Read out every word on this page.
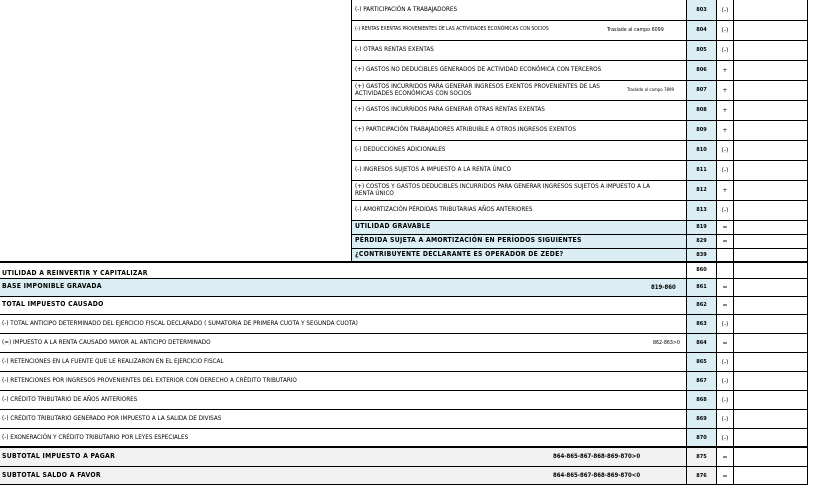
(-) PARTICIPACIÓN A TRABAJADORES	803	(-)
(-) RENTAS EXENTAS PROVENIENTES DE LAS ACTIVIDADES ECONÓMICAS CON SOCIOS	Traslade al campo 6099	804	(-)
(-) OTRAS RENTAS EXENTAS	805	(-)
(+) GASTOS NO DEDUCIBLES GENERADOS DE ACTIVIDAD ECONÓMICA CON TERCEROS	806	+
(+) GASTOS INCURRIDOS PARA GENERAR INGRESOS EXENTOS PROVENIENTES DE LAS ACTIVIDADES ECONÓMICAS CON SOCIOS	Traslade al campo 7899	807	+
(+) GASTOS INCURRIDOS PARA GENERAR OTRAS RENTAS EXENTAS	808	+
(+) PARTICIPACIÓN TRABAJADORES ATRIBUIBLE A OTROS INGRESOS EXENTOS	809	+
(-) DEDUCCIONES ADICIONALES	810	(-)
(-) INGRESOS SUJETOS A IMPUESTO A LA RENTA ÚNICO	811	(-)
(+) COSTOS Y GASTOS DEDUCIBLES INCURRIDOS PARA GENERAR INGRESOS SUJETOS A IMPUESTO A LA RENTA ÚNICO	812	+
(-) AMORTIZACIÓN PÉRDIDAS TRIBUTARIAS AÑOS ANTERIORES	813	(-)
UTILIDAD GRAVABLE	819	=
PÉRDIDA SUJETA A AMORTIZACIÓN EN PERÍODOS SIGUIENTES	829	=
¿CONTRIBUYENTE DECLARANTE ES OPERADOR DE ZEDE?	839
UTILIDAD A REINVERTIR Y CAPITALIZAR	860
BASE IMPONIBLE GRAVADA	819-860	861	=
TOTAL IMPUESTO CAUSADO	862	=
(-) TOTAL ANTICIPO DETERMINADO DEL EJERCICIO FISCAL DECLARADO ( SUMATORIA DE PRIMERA CUOTA Y SEGUNDA CUOTA)	863	(-)
(=) IMPUESTO A LA RENTA CAUSADO MAYOR AL ANTICIPO DETERMINADO	862-863>0	864	=
(-) RETENCIONES EN LA FUENTE QUE LE REALIZARON EN EL EJERCICIO FISCAL	865	(-)
(-) RETENCIONES POR INGRESOS PROVENIENTES DEL EXTERIOR CON DERECHO A CRÉDITO TRIBUTARIO	867	(-)
(-) CRÉDITO TRIBUTARIO DE AÑOS ANTERIORES	868	(-)
(-) CRÉDITO TRIBUTARIO GENERADO POR IMPUESTO A LA SALIDA DE DIVISAS	869	(-)
(-) EXONERACIÓN Y CRÉDITO TRIBUTARIO POR LEYES ESPECIALES	870	(-)
SUBTOTAL IMPUESTO A PAGAR	864-865-867-868-869-870>0	875	=
SUBTOTAL SALDO A FAVOR	864-865-867-868-869-870<0	876	=
